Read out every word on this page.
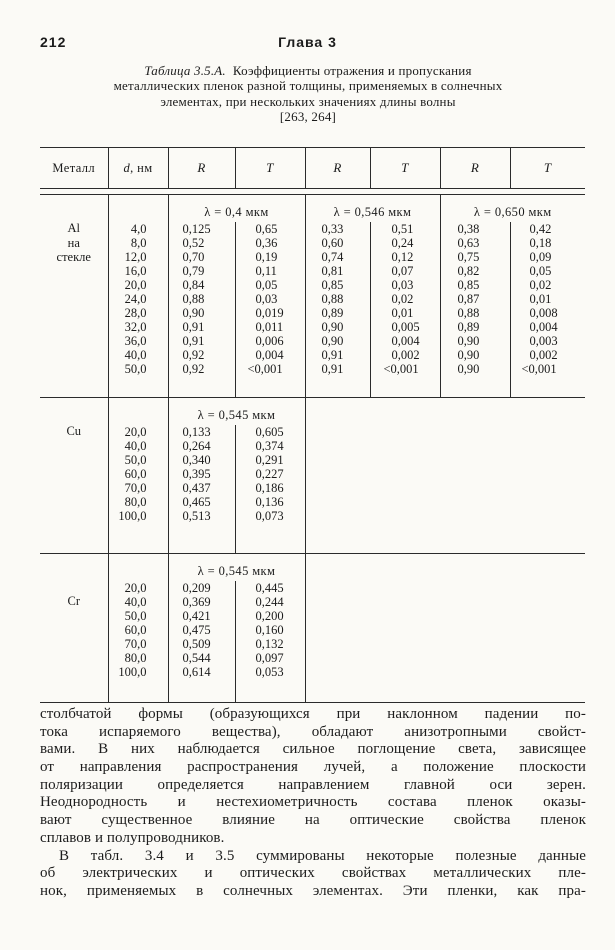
212	Глава 3
Таблица 3.5.А. Коэффициенты отражения и пропускания
металлических пленок разной толщины, применяемых в солнечных
элементах, при нескольких значениях длины волны
[263, 264]
Металл	d, нм	R	T	R	T	R	T

Al
на
стекле		λ = 0,4 мкм		λ = 0,546 мкм		λ = 0,650 мкм	
	4,0	0,125	0,65	0,33	0,51	0,38	0,42
	8,0	0,52	0,36	0,60	0,24	0,63	0,18
	12,0	0,70	0,19	0,74	0,12	0,75	0,09
	16,0	0,79	0,11	0,81	0,07	0,82	0,05
	20,0	0,84	0,05	0,85	0,03	0,85	0,02
	24,0	0,88	0,03	0,88	0,02	0,87	0,01
	28,0	0,90	0,019	0,89	0,01	0,88	0,008
	32,0	0,91	0,011	0,90	0,005	0,89	0,004
	36,0	0,91	0,006	0,90	0,004	0,90	0,003
	40,0	0,92	0,004	0,91	0,002	0,90	0,002
	50,0	0,92	<0,001	0,91	<0,001	0,90	<0,001

Cu		λ = 0,545 мкм					
	20,0	0,133	0,605				
	40,0	0,264	0,374				
	50,0	0,340	0,291				
	60,0	0,395	0,227				
	70,0	0,437	0,186				
	80,0	0,465	0,136				
	100,0	0,513	0,073				

Cr		λ = 0,545 мкм					
	20,0	0,209	0,445				
	40,0	0,369	0,244				
	50,0	0,421	0,200				
	60,0	0,475	0,160				
	70,0	0,509	0,132				
	80,0	0,544	0,097				
	100,0	0,614	0,053				
столбчатой формы (образующихся при наклонном падении по-
тока испаряемого вещества), обладают анизотропными свойст-
вами. В них наблюдается сильное поглощение света, зависящее
от направления распространения лучей, а положение плоскости
поляризации определяется направлением главной оси зерен.
Неоднородность и нестехиометричность состава пленок оказы-
вают существенное влияние на оптические свойства пленок
сплавов и полупроводников.
В табл. 3.4 и 3.5 суммированы некоторые полезные данные
об электрических и оптических свойствах металлических пле-
нок, применяемых в солнечных элементах. Эти пленки, как пра-
